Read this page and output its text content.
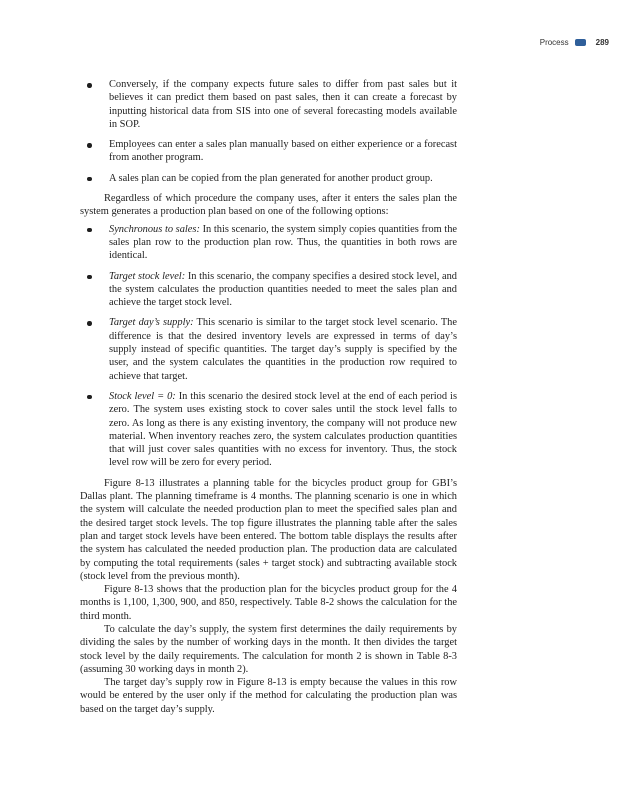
Process	289
Conversely, if the company expects future sales to differ from past sales but it believes it can predict them based on past sales, then it can create a forecast by inputting historical data from SIS into one of several forecasting models available in SOP.
Employees can enter a sales plan manually based on either experience or a forecast from another program.
A sales plan can be copied from the plan generated for another product group.

Regardless of which procedure the company uses, after it enters the sales plan the system generates a production plan based on one of the following options:

Synchronous to sales: In this scenario, the system simply copies quantities from the sales plan row to the production plan row. Thus, the quantities in both rows are identical.
Target stock level: In this scenario, the company specifies a desired stock level, and the system calculates the production quantities needed to meet the sales plan and achieve the target stock level.
Target day’s supply: This scenario is similar to the target stock level scenario. The difference is that the desired inventory levels are expressed in terms of day’s supply instead of specific quantities. The target day’s supply is specified by the user, and the system calculates the quantities in the production row required to achieve that target.
Stock level = 0: In this scenario the desired stock level at the end of each period is zero. The system uses existing stock to cover sales until the stock level falls to zero. As long as there is any existing inventory, the company will not produce new material. When inventory reaches zero, the system calculates production quantities that will just cover sales quantities with no excess for inventory. Thus, the stock level row will be zero for every period.

Figure 8-13 illustrates a planning table for the bicycles product group for GBI’s Dallas plant. The planning timeframe is 4 months. The planning scenario is one in which the system will calculate the needed production plan to meet the specified sales plan and the desired target stock levels. The top figure illustrates the planning table after the sales plan and target stock levels have been entered. The bottom table displays the results after the system has calculated the needed production plan. The production data are calculated by computing the total requirements (sales + target stock) and subtracting available stock (stock level from the previous month).

Figure 8-13 shows that the production plan for the bicycles product group for the 4 months is 1,100, 1,300, 900, and 850, respectively. Table 8-2 shows the calculation for the third month.

To calculate the day’s supply, the system first determines the daily requirements by dividing the sales by the number of working days in the month. It then divides the target stock level by the daily requirements. The calculation for month 2 is shown in Table 8-3 (assuming 30 working days in month 2).

The target day’s supply row in Figure 8-13 is empty because the values in this row would be entered by the user only if the method for calculating the production plan was based on the target day’s supply.
